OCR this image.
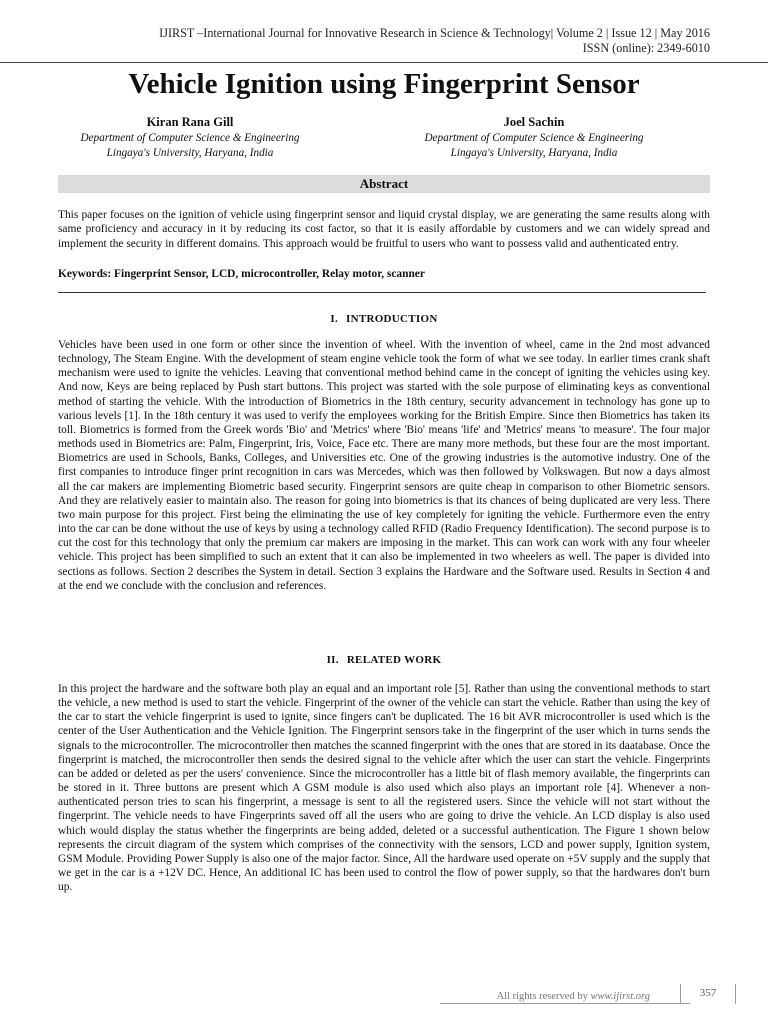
IJIRST –International Journal for Innovative Research in Science & Technology| Volume 2 | Issue 12 | May 2016
ISSN (online): 2349-6010
Vehicle Ignition using Fingerprint Sensor
Kiran Rana Gill
Department of Computer Science & Engineering
Lingaya's University, Haryana, India
Joel Sachin
Department of Computer Science & Engineering
Lingaya's University, Haryana, India
Abstract
This paper focuses on the ignition of vehicle using fingerprint sensor and liquid crystal display, we are generating the same results along with same proficiency and accuracy in it by reducing its cost factor, so that it is easily affordable by customers and we can widely spread and implement the security in different domains. This approach would be fruitful to users who want to possess valid and authenticated entry.
Keywords: Fingerprint Sensor, LCD, microcontroller, Relay motor, scanner
I. INTRODUCTION
Vehicles have been used in one form or other since the invention of wheel. With the invention of wheel, came in the 2nd most advanced technology, The Steam Engine. With the development of steam engine vehicle took the form of what we see today. In earlier times crank shaft mechanism were used to ignite the vehicles. Leaving that conventional method behind came in the concept of igniting the vehicles using key. And now, Keys are being replaced by Push start buttons. This project was started with the sole purpose of eliminating keys as conventional method of starting the vehicle. With the introduction of Biometrics in the 18th century, security advancement in technology has gone up to various levels [1]. In the 18th century it was used to verify the employees working for the British Empire. Since then Biometrics has taken its toll. Biometrics is formed from the Greek words 'Bio' and 'Metrics' where 'Bio' means 'life' and 'Metrics' means 'to measure'. The four major methods used in Biometrics are: Palm, Fingerprint, Iris, Voice, Face etc. There are many more methods, but these four are the most important. Biometrics are used in Schools, Banks, Colleges, and Universities etc. One of the growing industries is the automotive industry. One of the first companies to introduce finger print recognition in cars was Mercedes, which was then followed by Volkswagen. But now a days almost all the car makers are implementing Biometric based security. Fingerprint sensors are quite cheap in comparison to other Biometric sensors. And they are relatively easier to maintain also. The reason for going into biometrics is that its chances of being duplicated are very less. There two main purpose for this project. First being the eliminating the use of key completely for igniting the vehicle. Furthermore even the entry into the car can be done without the use of keys by using a technology called RFID (Radio Frequency Identification). The second purpose is to cut the cost for this technology that only the premium car makers are imposing in the market. This can work can work with any four wheeler vehicle. This project has been simplified to such an extent that it can also be implemented in two wheelers as well. The paper is divided into sections as follows. Section 2 describes the System in detail. Section 3 explains the Hardware and the Software used. Results in Section 4 and at the end we conclude with the conclusion and references.
II. RELATED WORK
In this project the hardware and the software both play an equal and an important role [5]. Rather than using the conventional methods to start the vehicle, a new method is used to start the vehicle. Fingerprint of the owner of the vehicle can start the vehicle. Rather than using the key of the car to start the vehicle fingerprint is used to ignite, since fingers can't be duplicated. The 16 bit AVR microcontroller is used which is the center of the User Authentication and the Vehicle Ignition. The Fingerprint sensors take in the fingerprint of the user which in turns sends the signals to the microcontroller. The microcontroller then matches the scanned fingerprint with the ones that are stored in its daatabase. Once the fingerprint is matched, the microcontroller then sends the desired signal to the vehicle after which the user can start the vehicle. Fingerprints can be added or deleted as per the users' convenience. Since the microcontroller has a little bit of flash memory available, the fingerprints can be stored in it. Three buttons are present which A GSM module is also used which also plays an important role [4]. Whenever a non-authenticated person tries to scan his fingerprint, a message is sent to all the registered users. Since the vehicle will not start without the fingerprint. The vehicle needs to have Fingerprints saved off all the users who are going to drive the vehicle. An LCD display is also used which would display the status whether the fingerprints are being added, deleted or a successful authentication. The Figure 1 shown below represents the circuit diagram of the system which comprises of the connectivity with the sensors, LCD and power supply, Ignition system, GSM Module. Providing Power Supply is also one of the major factor. Since, All the hardware used operate on +5V supply and the supply that we get in the car is a +12V DC. Hence, An additional IC has been used to control the flow of power supply, so that the hardwares don't burn up.
All rights reserved by www.ijirst.org	357
